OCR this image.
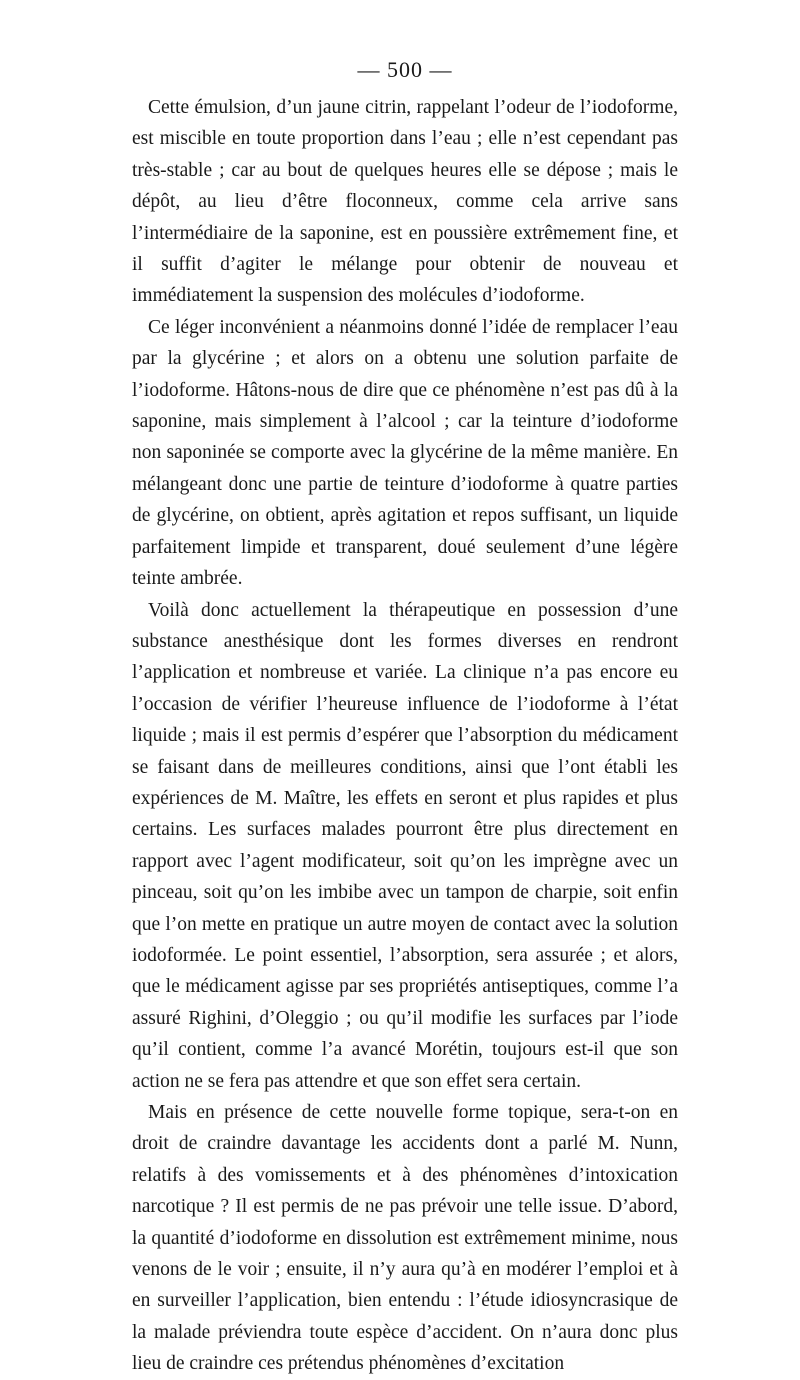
— 500 —

Cette émulsion, d’un jaune citrin, rappelant l’odeur de l’iodoforme, est miscible en toute proportion dans l’eau ; elle n’est cependant pas très-stable ; car au bout de quelques heures elle se dépose ; mais le dépôt, au lieu d’être floconneux, comme cela arrive sans l’intermédiaire de la saponine, est en poussière extrêmement fine, et il suffit d’agiter le mélange pour obtenir de nouveau et immédiatement la suspension des molécules d’iodoforme.

Ce léger inconvénient a néanmoins donné l’idée de remplacer l’eau par la glycérine ; et alors on a obtenu une solution parfaite de l’iodoforme. Hâtons-nous de dire que ce phénomène n’est pas dû à la saponine, mais simplement à l’alcool ; car la teinture d’iodoforme non saponinée se comporte avec la glycérine de la même manière. En mélangeant donc une partie de teinture d’iodoforme à quatre parties de glycérine, on obtient, après agitation et repos suffisant, un liquide parfaitement limpide et transparent, doué seulement d’une légère teinte ambrée.

Voilà donc actuellement la thérapeutique en possession d’une substance anesthésique dont les formes diverses en rendront l’application et nombreuse et variée. La clinique n’a pas encore eu l’occasion de vérifier l’heureuse influence de l’iodoforme à l’état liquide ; mais il est permis d’espérer que l’absorption du médicament se faisant dans de meilleures conditions, ainsi que l’ont établi les expériences de M. Maître, les effets en seront et plus rapides et plus certains. Les surfaces malades pourront être plus directement en rapport avec l’agent modificateur, soit qu’on les imprègne avec un pinceau, soit qu’on les imbibe avec un tampon de charpie, soit enfin que l’on mette en pratique un autre moyen de contact avec la solution iodoformée. Le point essentiel, l’absorption, sera assurée ; et alors, que le médicament agisse par ses propriétés antiseptiques, comme l’a assuré Righini, d’Oleggio ; ou qu’il modifie les surfaces par l’iode qu’il contient, comme l’a avancé Morétin, toujours est-il que son action ne se fera pas attendre et que son effet sera certain.

Mais en présence de cette nouvelle forme topique, sera-t-on en droit de craindre davantage les accidents dont a parlé M. Nunn, relatifs à des vomissements et à des phénomènes d’intoxication narcotique ? Il est permis de ne pas prévoir une telle issue. D’abord, la quantité d’iodoforme en dissolution est extrêmement minime, nous venons de le voir ; ensuite, il n’y aura qu’à en modérer l’emploi et à en surveiller l’application, bien entendu : l’étude idiosyncrasique de la malade préviendra toute espèce d’accident. On n’aura donc plus lieu de craindre ces prétendus phénomènes d’excitation
